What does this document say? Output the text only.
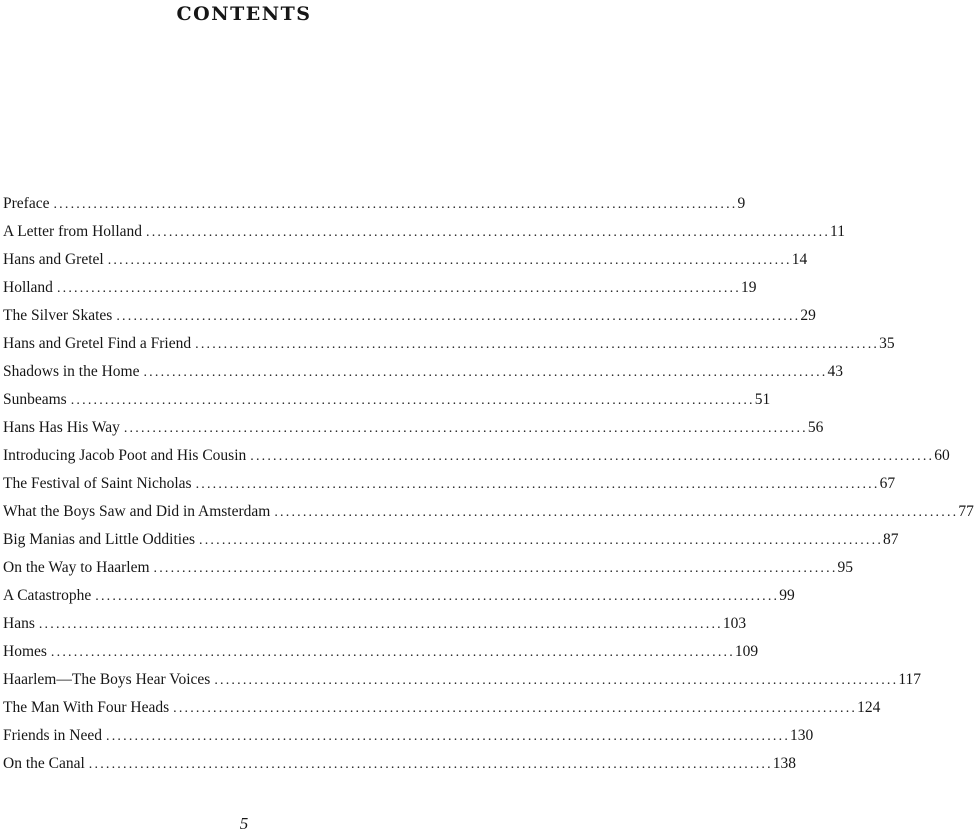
CONTENTS
Preface ........................................................................................................................ 9
A Letter from Holland ........................................................................................................................ 11
Hans and Gretel ........................................................................................................................ 14
Holland ........................................................................................................................ 19
The Silver Skates ........................................................................................................................ 29
Hans and Gretel Find a Friend ........................................................................................................................ 35
Shadows in the Home ........................................................................................................................ 43
Sunbeams ........................................................................................................................ 51
Hans Has His Way ........................................................................................................................ 56
Introducing Jacob Poot and His Cousin ........................................................................................................................ 60
The Festival of Saint Nicholas ........................................................................................................................ 67
What the Boys Saw and Did in Amsterdam ........................................................................................................................ 77
Big Manias and Little Oddities ........................................................................................................................ 87
On the Way to Haarlem ........................................................................................................................ 95
A Catastrophe ........................................................................................................................ 99
Hans ........................................................................................................................ 103
Homes ........................................................................................................................ 109
Haarlem—The Boys Hear Voices ........................................................................................................................ 117
The Man With Four Heads ........................................................................................................................ 124
Friends in Need ........................................................................................................................ 130
On the Canal ........................................................................................................................ 138
5
